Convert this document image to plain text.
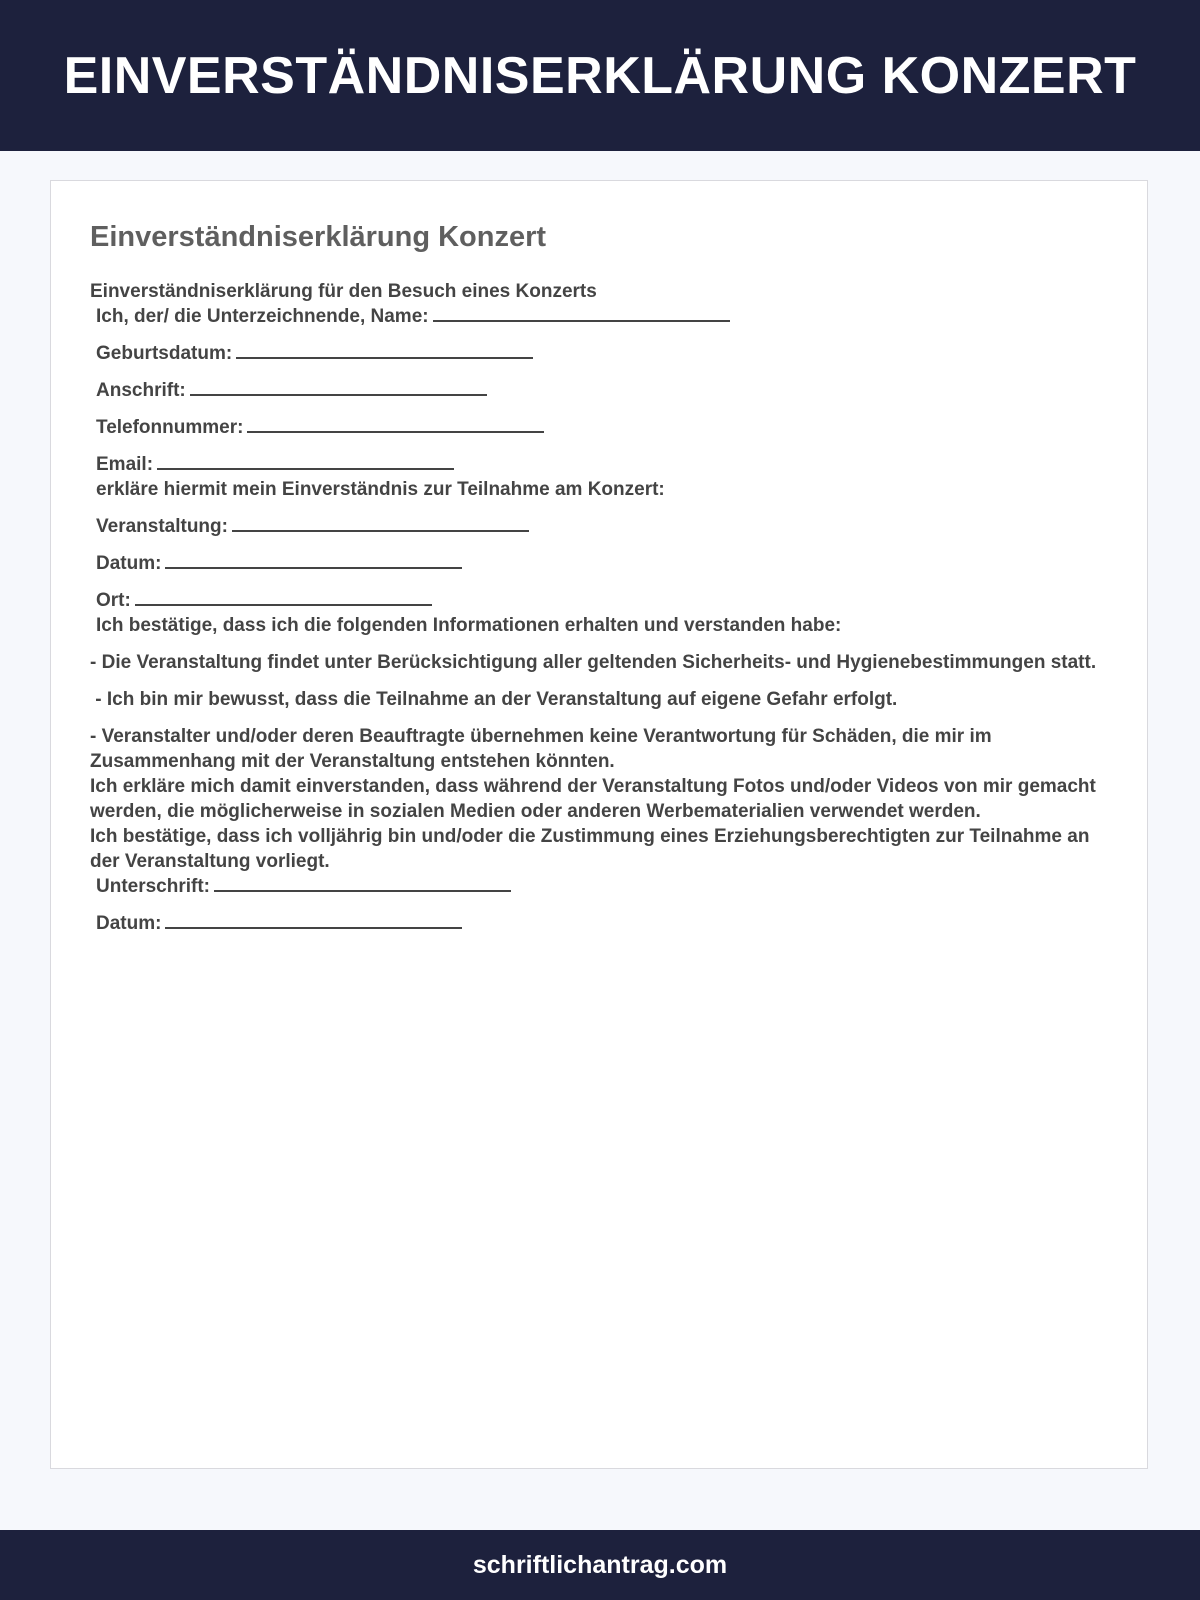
EINVERSTÄNDNISERKLÄRUNG KONZERT
Einverständniserklärung Konzert
Einverständniserklärung für den Besuch eines Konzerts
Ich, der/ die Unterzeichnende, Name:
Geburtsdatum:
Anschrift:
Telefonnummer:
Email:
erkläre hiermit mein Einverständnis zur Teilnahme am Konzert:
Veranstaltung:
Datum:
Ort:
Ich bestätige, dass ich die folgenden Informationen erhalten und verstanden habe:
- Die Veranstaltung findet unter Berücksichtigung aller geltenden Sicherheits- und Hygienebestimmungen statt.
- Ich bin mir bewusst, dass die Teilnahme an der Veranstaltung auf eigene Gefahr erfolgt.
- Veranstalter und/oder deren Beauftragte übernehmen keine Verantwortung für Schäden, die mir im Zusammenhang mit der Veranstaltung entstehen könnten.
Ich erkläre mich damit einverstanden, dass während der Veranstaltung Fotos und/oder Videos von mir gemacht werden, die möglicherweise in sozialen Medien oder anderen Werbematerialien verwendet werden.
Ich bestätige, dass ich volljährig bin und/oder die Zustimmung eines Erziehungsberechtigten zur Teilnahme an der Veranstaltung vorliegt.
Unterschrift:
Datum:
schriftlichantrag.com
